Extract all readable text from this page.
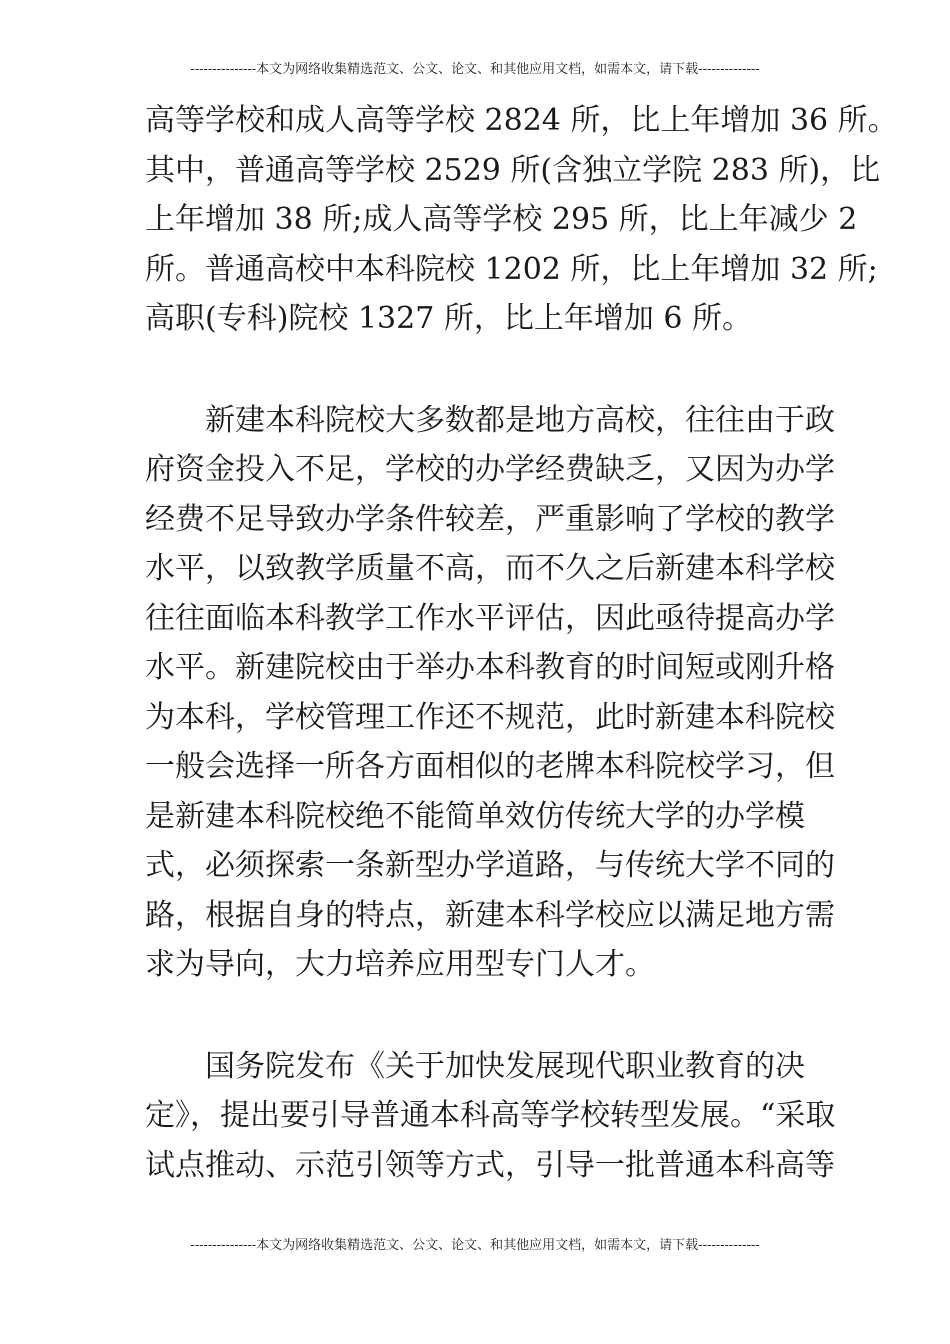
---------------本文为网络收集精选范文、公文、论文、和其他应用文档，如需本文，请下载--------------

高等学校和成人高等学校 2824 所，比上年增加 36 所。
其中，普通高等学校 2529 所(含独立学院 283 所)，比
上年增加 38 所;成人高等学校 295 所，比上年减少 2
所。普通高校中本科院校 1202 所，比上年增加 32 所;
高职(专科)院校 1327 所，比上年增加 6 所。

　　新建本科院校大多数都是地方高校，往往由于政
府资金投入不足，学校的办学经费缺乏，又因为办学
经费不足导致办学条件较差，严重影响了学校的教学
水平，以致教学质量不高，而不久之后新建本科学校
往往面临本科教学工作水平评估，因此亟待提高办学
水平。新建院校由于举办本科教育的时间短或刚升格
为本科，学校管理工作还不规范，此时新建本科院校
一般会选择一所各方面相似的老牌本科院校学习，但
是新建本科院校绝不能简单效仿传统大学的办学模
式，必须探索一条新型办学道路，与传统大学不同的
路，根据自身的特点，新建本科学校应以满足地方需
求为导向，大力培养应用型专门人才。

　　国务院发布《关于加快发展现代职业教育的决
定》，提出要引导普通本科高等学校转型发展。“采取
试点推动、示范引领等方式，引导一批普通本科高等

---------------本文为网络收集精选范文、公文、论文、和其他应用文档，如需本文，请下载--------------
